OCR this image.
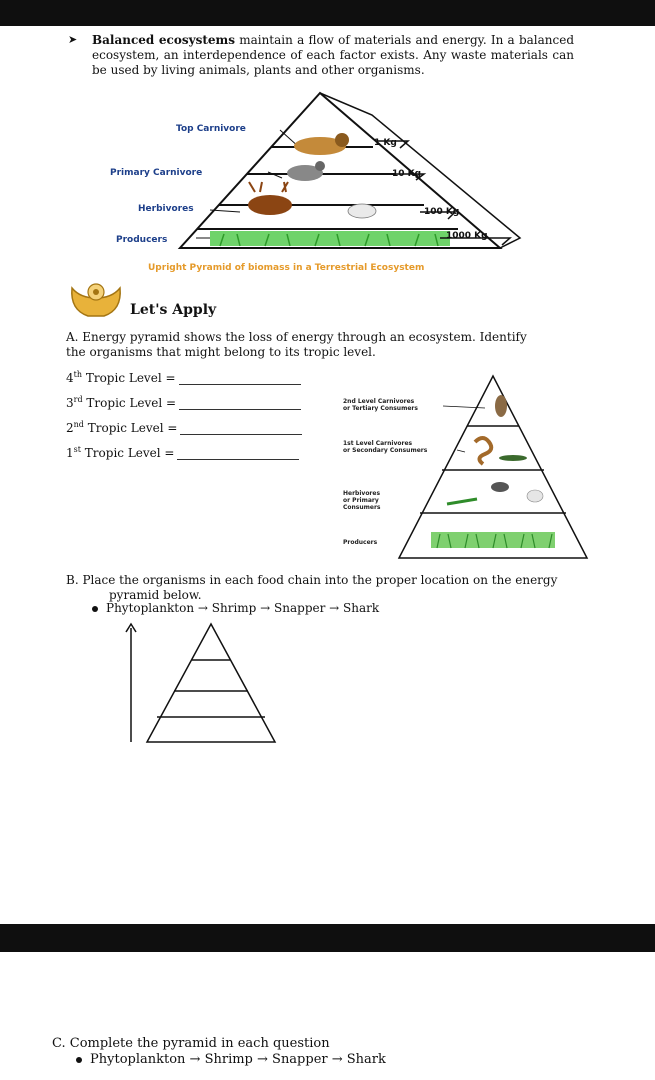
➤ Balanced ecosystems maintain a flow of materials and energy. In a balanced ecosystem, an interdependence of each factor exists. Any waste materials can be used by living animals, plants and other organisms.
Top Carnivore
Primary Carnivore
Herbivores
Producers
1 Kg
10 Kg
100 Kg
1000 Kg
Upright Pyramid of biomass in a Terrestrial Ecosystem
Let's Apply
A. Energy pyramid shows the loss of energy through an ecosystem. Identify the organisms that might belong to its tropic level.
4th Tropic Level =
3rd Tropic Level =
2nd Tropic Level =
1st Tropic Level =
2nd Level Carnivores
or Tertiary Consumers
1st Level Carnivores
or Secondary Consumers
Herbivores
or Primary
Consumers
Producers
B. Place the organisms in each food chain into the proper location on the energy
pyramid below.
Phytoplankton → Shrimp → Snapper → Shark
C. Complete the pyramid in each question
Phytoplankton → Shrimp → Snapper → Shark
